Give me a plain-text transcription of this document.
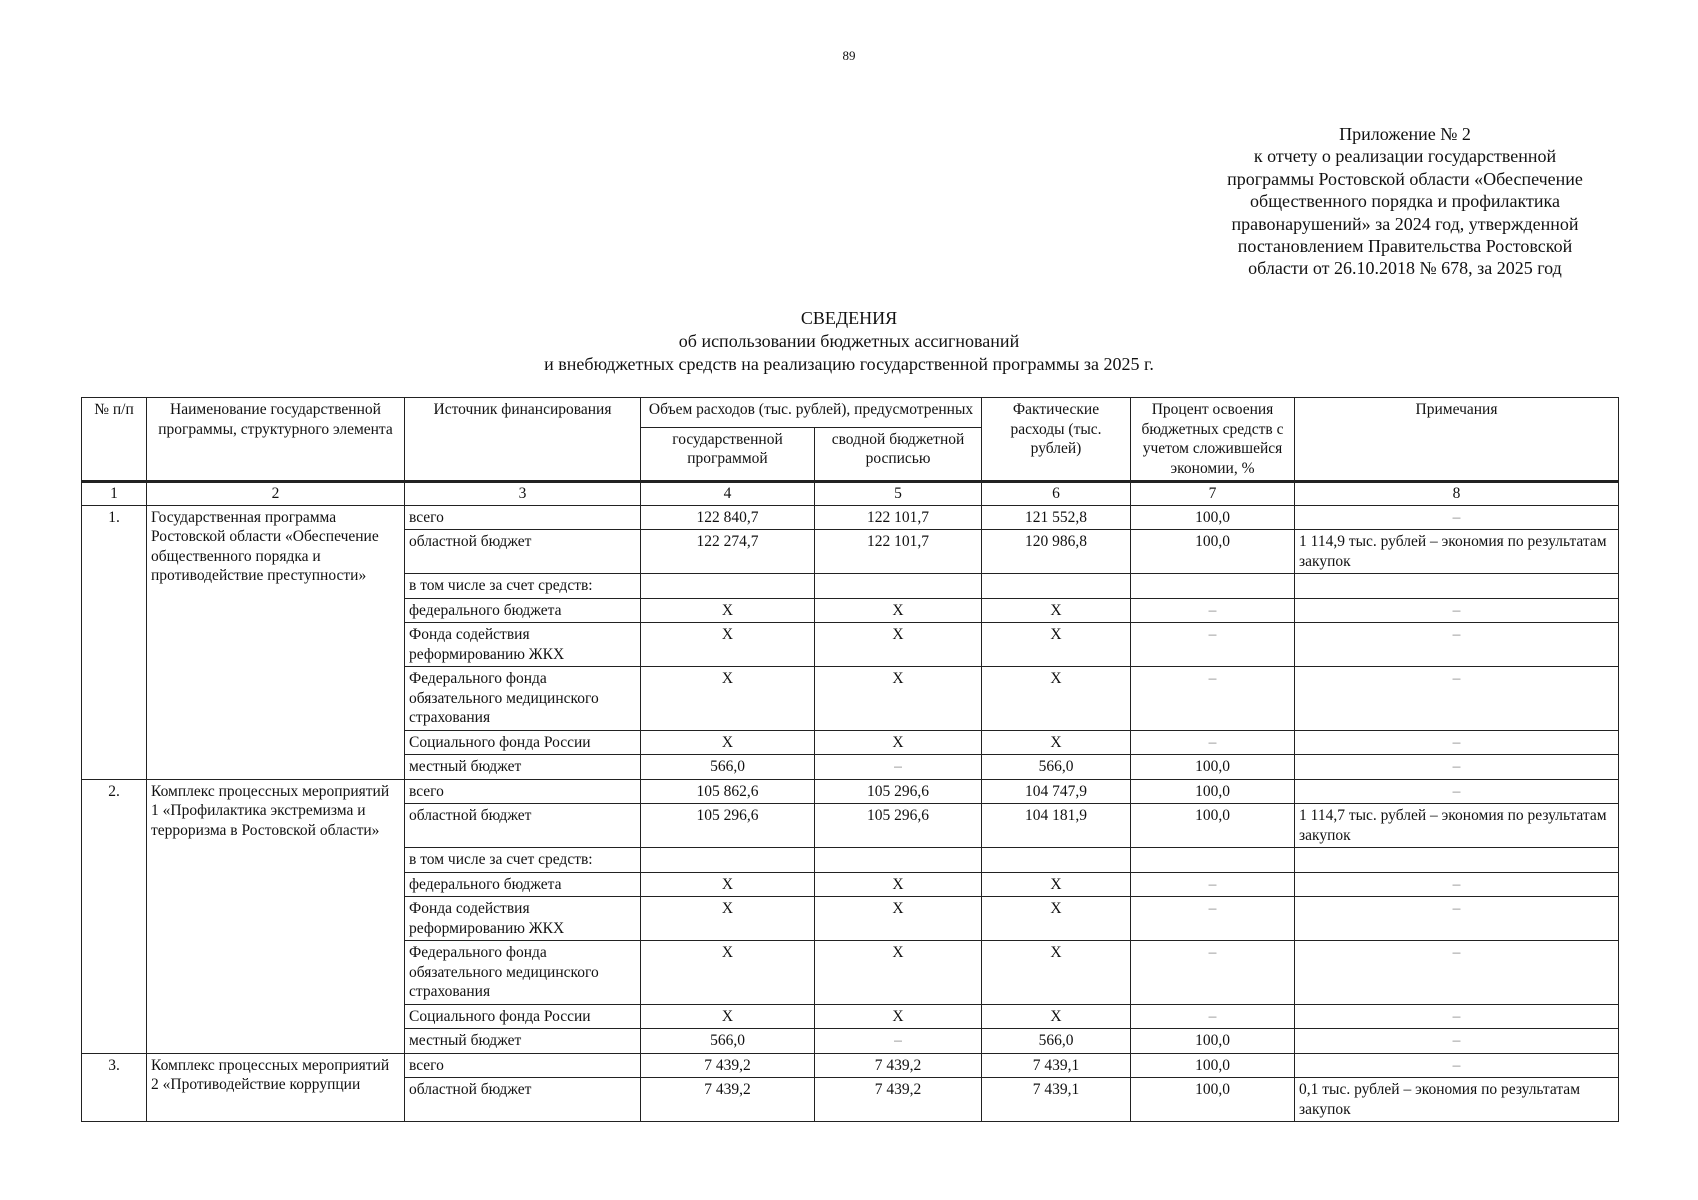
89
Приложение № 2
к отчету о реализации государственной
программы Ростовской области «Обеспечение
общественного порядка и профилактика
правонарушений» за 2024 год, утвержденной
постановлением Правительства Ростовской
области от 26.10.2018 № 678, за 2025 год
СВЕДЕНИЯ
об использовании бюджетных ассигнований
и внебюджетных средств на реализацию государственной программы за 2025 г.
№ п/п	Наименование государственной программы, структурного элемента	Источник финансирования	Объем расходов (тыс. рублей), предусмотренных		Фактические расходы (тыс. рублей)	Процент освоения бюджетных средств с учетом сложившейся экономии, %	Примечания
			государственной программой	сводной бюджетной росписью			
1	2	3	4	5	6	7	8
1.	Государственная программа Ростовской области «Обеспечение общественного порядка и противодействие преступности»	всего	122 840,7	122 101,7	121 552,8	100,0	–
		областной бюджет	122 274,7	122 101,7	120 986,8	100,0	1 114,9 тыс. рублей – экономия по результатам закупок
		в том числе за счет средств:					
		федерального бюджета	Х	Х	Х	–	–
		Фонда содействия реформированию ЖКХ	Х	Х	Х	–	–
		Федерального фонда обязательного медицинского страхования	Х	Х	Х	–	–
		Социального фонда России	Х	Х	Х	–	–
		местный бюджет	566,0	–	566,0	100,0	–
2.	Комплекс процессных мероприятий 1 «Профилактика экстремизма и терроризма в Ростовской области»	всего	105 862,6	105 296,6	104 747,9	100,0	–
		областной бюджет	105 296,6	105 296,6	104 181,9	100,0	1 114,7 тыс. рублей – экономия по результатам закупок
		в том числе за счет средств:					
		федерального бюджета	Х	Х	Х	–	–
		Фонда содействия реформированию ЖКХ	Х	Х	Х	–	–
		Федерального фонда обязательного медицинского страхования	Х	Х	Х	–	–
		Социального фонда России	Х	Х	Х	–	–
		местный бюджет	566,0	–	566,0	100,0	–
3.	Комплекс процессных мероприятий 2 «Противодействие коррупции	всего	7 439,2	7 439,2	7 439,1	100,0	–
		областной бюджет	7 439,2	7 439,2	7 439,1	100,0	0,1 тыс. рублей – экономия по результатам закупок
